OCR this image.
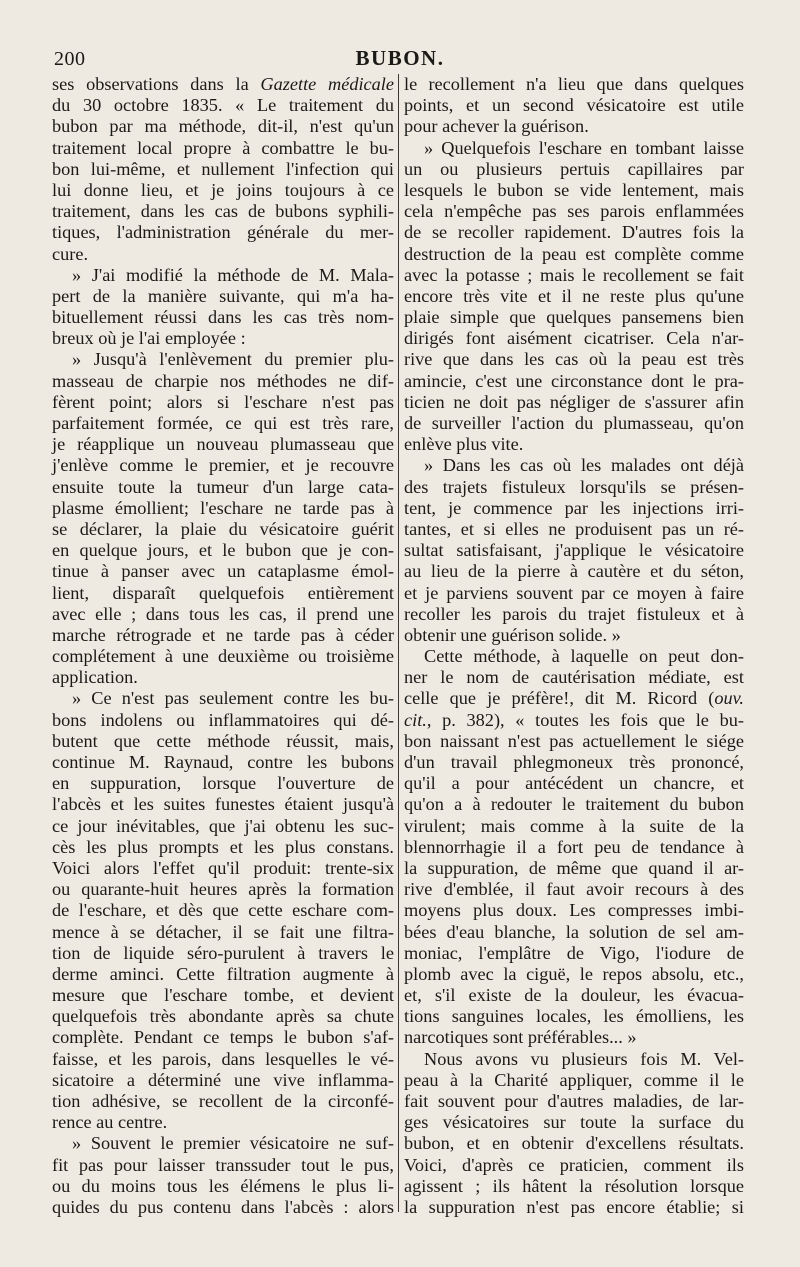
200	BUBON.
ses observations dans la Gazette médicale
du 30 octobre 1835. « Le traitement du
bubon par ma méthode, dit-il, n'est qu'un
traitement local propre à combattre le bu-
bon lui-même, et nullement l'infection qui
lui donne lieu, et je joins toujours à ce
traitement, dans les cas de bubons syphili-
tiques, l'administration générale du mer-
cure.
» J'ai modifié la méthode de M. Mala-
pert de la manière suivante, qui m'a ha-
bituellement réussi dans les cas très nom-
breux où je l'ai employée :
» Jusqu'à l'enlèvement du premier plu-
masseau de charpie nos méthodes ne dif-
fèrent point; alors si l'eschare n'est pas
parfaitement formée, ce qui est très rare,
je réapplique un nouveau plumasseau que
j'enlève comme le premier, et je recouvre
ensuite toute la tumeur d'un large cata-
plasme émollient; l'eschare ne tarde pas à
se déclarer, la plaie du vésicatoire guérit
en quelque jours, et le bubon que je con-
tinue à panser avec un cataplasme émol-
lient, disparaît quelquefois entièrement
avec elle ; dans tous les cas, il prend une
marche rétrograde et ne tarde pas à céder
complétement à une deuxième ou troisième
application.
» Ce n'est pas seulement contre les bu-
bons indolens ou inflammatoires qui dé-
butent que cette méthode réussit, mais,
continue M. Raynaud, contre les bubons
en suppuration, lorsque l'ouverture de
l'abcès et les suites funestes étaient jusqu'à
ce jour inévitables, que j'ai obtenu les suc-
cès les plus prompts et les plus constans.
Voici alors l'effet qu'il produit: trente-six
ou quarante-huit heures après la formation
de l'eschare, et dès que cette eschare com-
mence à se détacher, il se fait une filtra-
tion de liquide séro-purulent à travers le
derme aminci. Cette filtration augmente à
mesure que l'eschare tombe, et devient
quelquefois très abondante après sa chute
complète. Pendant ce temps le bubon s'af-
faisse, et les parois, dans lesquelles le vé-
sicatoire a déterminé une vive inflamma-
tion adhésive, se recollent de la circonfé-
rence au centre.
» Souvent le premier vésicatoire ne suf-
fit pas pour laisser transsuder tout le pus,
ou du moins tous les élémens le plus li-
quides du pus contenu dans l'abcès : alors
le recollement n'a lieu que dans quelques
points, et un second vésicatoire est utile
pour achever la guérison.
» Quelquefois l'eschare en tombant laisse
un ou plusieurs pertuis capillaires par
lesquels le bubon se vide lentement, mais
cela n'empêche pas ses parois enflammées
de se recoller rapidement. D'autres fois la
destruction de la peau est complète comme
avec la potasse ; mais le recollement se fait
encore très vite et il ne reste plus qu'une
plaie simple que quelques pansemens bien
dirigés font aisément cicatriser. Cela n'ar-
rive que dans les cas où la peau est très
amincie, c'est une circonstance dont le pra-
ticien ne doit pas négliger de s'assurer afin
de surveiller l'action du plumasseau, qu'on
enlève plus vite.
» Dans les cas où les malades ont déjà
des trajets fistuleux lorsqu'ils se présen-
tent, je commence par les injections irri-
tantes, et si elles ne produisent pas un ré-
sultat satisfaisant, j'applique le vésicatoire
au lieu de la pierre à cautère et du séton,
et je parviens souvent par ce moyen à faire
recoller les parois du trajet fistuleux et à
obtenir une guérison solide. »
Cette méthode, à laquelle on peut don-
ner le nom de cautérisation médiate, est
celle que je préfère!, dit M. Ricord (ouv.
cit., p. 382), « toutes les fois que le bu-
bon naissant n'est pas actuellement le siége
d'un travail phlegmoneux très prononcé,
qu'il a pour antécédent un chancre, et
qu'on a à redouter le traitement du bubon
virulent; mais comme à la suite de la
blennorrhagie il a fort peu de tendance à
la suppuration, de même que quand il ar-
rive d'emblée, il faut avoir recours à des
moyens plus doux. Les compresses imbi-
bées d'eau blanche, la solution de sel am-
moniac, l'emplâtre de Vigo, l'iodure de
plomb avec la ciguë, le repos absolu, etc.,
et, s'il existe de la douleur, les évacua-
tions sanguines locales, les émolliens, les
narcotiques sont préférables... »
Nous avons vu plusieurs fois M. Vel-
peau à la Charité appliquer, comme il le
fait souvent pour d'autres maladies, de lar-
ges vésicatoires sur toute la surface du
bubon, et en obtenir d'excellens résultats.
Voici, d'après ce praticien, comment ils
agissent ; ils hâtent la résolution lorsque
la suppuration n'est pas encore établie; si
